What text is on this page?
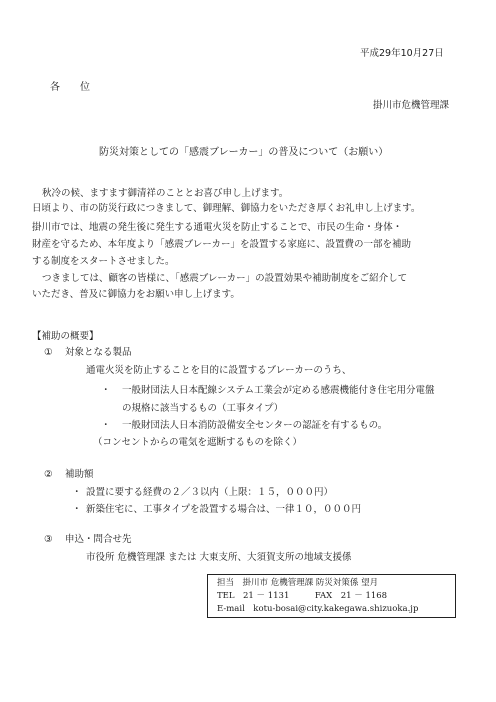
平成29年10月27日
各　　位
掛川市危機管理課
防災対策としての「感震ブレーカー」の普及について（お願い）
秋冷の候、ますます御清祥のこととお喜び申し上げます。
日頃より、市の防災行政につきまして、御理解、御協力をいただき厚くお礼申し上げます。
掛川市では、地震の発生後に発生する通電火災を防止することで、市民の生命・身体・
財産を守るため、本年度より「感震ブレーカー」を設置する家庭に、設置費の一部を補助
する制度をスタートさせました。
つきましては、顧客の皆様に、「感震ブレーカー」の設置効果や補助制度をご紹介して
いただき、普及に御協力をお願い申し上げます。
【補助の概要】
① 対象となる製品
通電火災を防止することを目的に設置するブレーカーのうち、
・ 一般財団法人日本配線システム工業会が定める感震機能付き住宅用分電盤
の規格に該当するもの（工事タイプ）
・ 一般財団法人日本消防設備安全センターの認証を有するもの。
（コンセントからの電気を遮断するものを除く）
② 補助額
・ 設置に要する経費の２／３以内（上限：１５，０００円）
・ 新築住宅に、工事タイプを設置する場合は、一律１０，０００円
③ 申込・問合せ先
市役所 危機管理課 または 大東支所、大須賀支所の地域支援係
担当　掛川市 危機管理課 防災対策係 望月
TEL　21 － 1131　　　FAX　21 － 1168
E-mail　kotu-bosai@city.kakegawa.shizuoka.jp
